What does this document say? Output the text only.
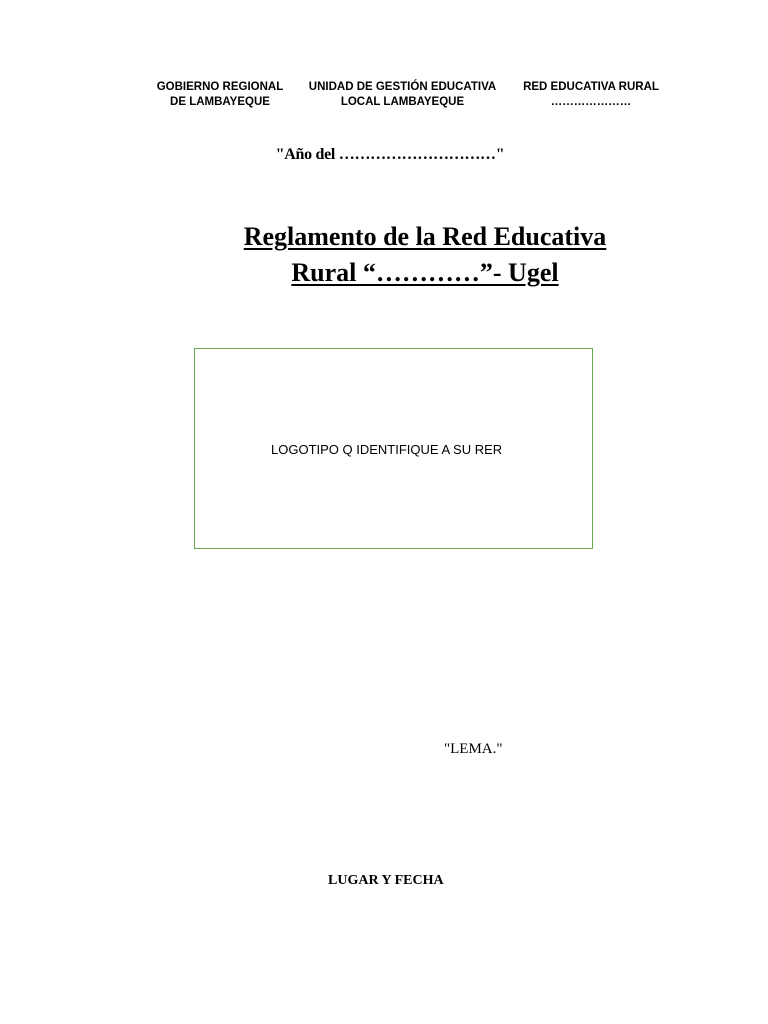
GOBIERNO REGIONAL
DE LAMBAYEQUE
UNIDAD DE GESTIÓN EDUCATIVA
LOCAL LAMBAYEQUE
RED EDUCATIVA RURAL
…………………
"Año del …………………………"
Reglamento de la Red Educativa
Rural “…………”- Ugel
LOGOTIPO Q IDENTIFIQUE A SU RER
"LEMA."
LUGAR Y FECHA
